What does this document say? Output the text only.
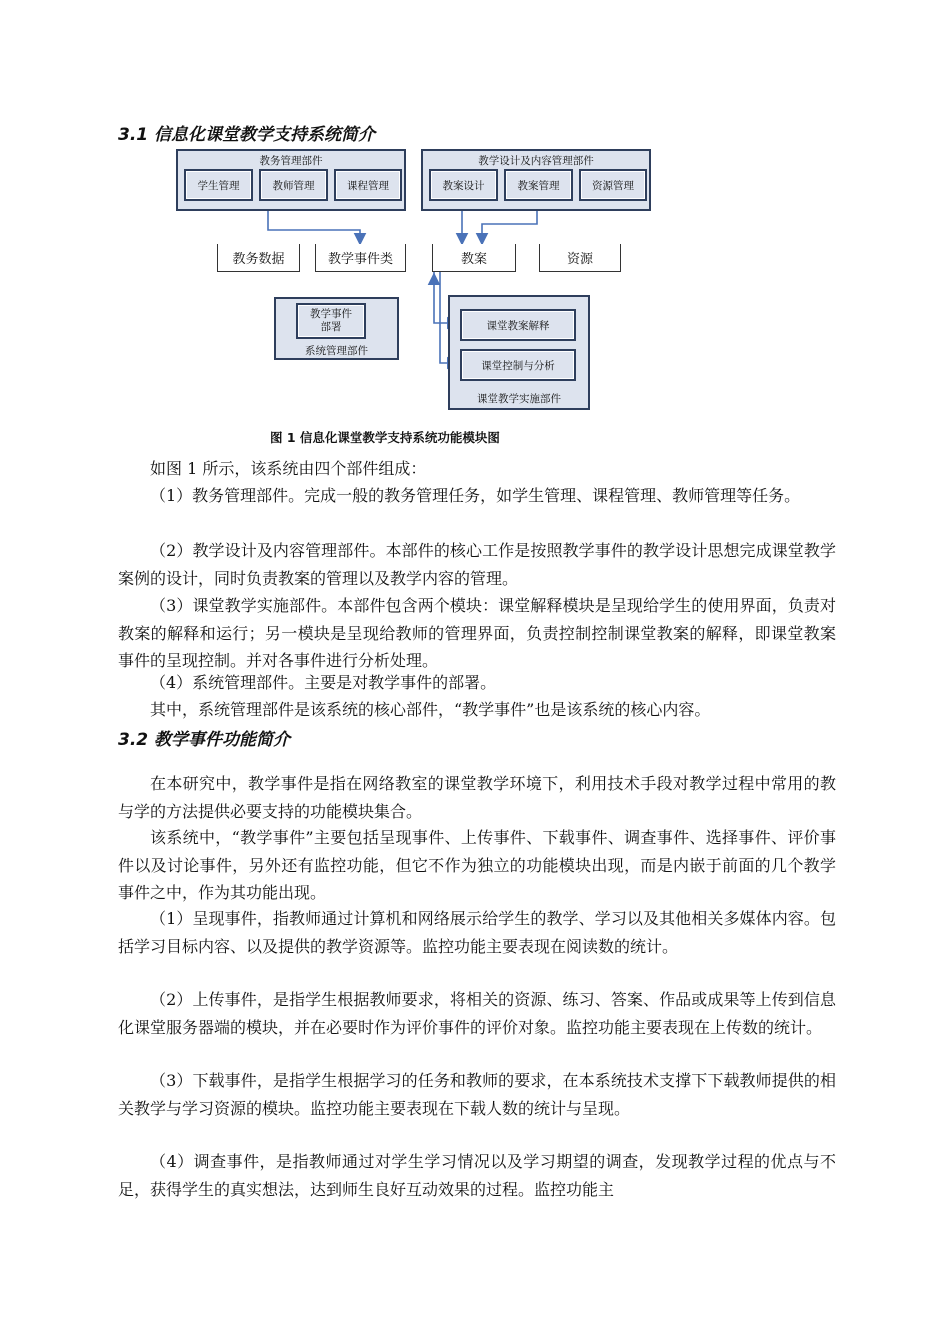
3.1 信息化课堂教学支持系统简介
教务管理部件
学生管理	教师管理	课程管理
教学设计及内容管理部件
教案设计	教案管理	资源管理
教务数据	教学事件类	教案	资源
教学事件
部署
系统管理部件
课堂教案解释
课堂控制与分析
课堂教学实施部件
图 1 信息化课堂教学支持系统功能模块图

如图 1 所示，该系统由四个部件组成：

（1）教务管理部件。完成一般的教务管理任务，如学生管理、课程管理、教师管理等任务。

（2）教学设计及内容管理部件。本部件的核心工作是按照教学事件的教学设计思想完成课堂教学案例的设计，同时负责教案的管理以及教学内容的管理。

（3）课堂教学实施部件。本部件包含两个模块：课堂解释模块是呈现给学生的使用界面，负责对教案的解释和运行；另一模块是呈现给教师的管理界面，负责控制控制课堂教案的解释，即课堂教案事件的呈现控制。并对各事件进行分析处理。

（4）系统管理部件。主要是对教学事件的部署。

其中，系统管理部件是该系统的核心部件，“教学事件”也是该系统的核心内容。

3.2 教学事件功能简介

在本研究中，教学事件是指在网络教室的课堂教学环境下，利用技术手段对教学过程中常用的教与学的方法提供必要支持的功能模块集合。

该系统中，“教学事件”主要包括呈现事件、上传事件、下载事件、调查事件、选择事件、评价事件以及讨论事件，另外还有监控功能，但它不作为独立的功能模块出现，而是内嵌于前面的几个教学事件之中，作为其功能出现。

（1）呈现事件，指教师通过计算机和网络展示给学生的教学、学习以及其他相关多媒体内容。包括学习目标内容、以及提供的教学资源等。监控功能主要表现在阅读数的统计。

（2）上传事件，是指学生根据教师要求，将相关的资源、练习、答案、作品或成果等上传到信息化课堂服务器端的模块，并在必要时作为评价事件的评价对象。监控功能主要表现在上传数的统计。

（3）下载事件，是指学生根据学习的任务和教师的要求，在本系统技术支撑下下载教师提供的相关教学与学习资源的模块。监控功能主要表现在下载人数的统计与呈现。

（4）调查事件，是指教师通过对学生学习情况以及学习期望的调查，发现教学过程的优点与不足，获得学生的真实想法，达到师生良好互动效果的过程。监控功能主
